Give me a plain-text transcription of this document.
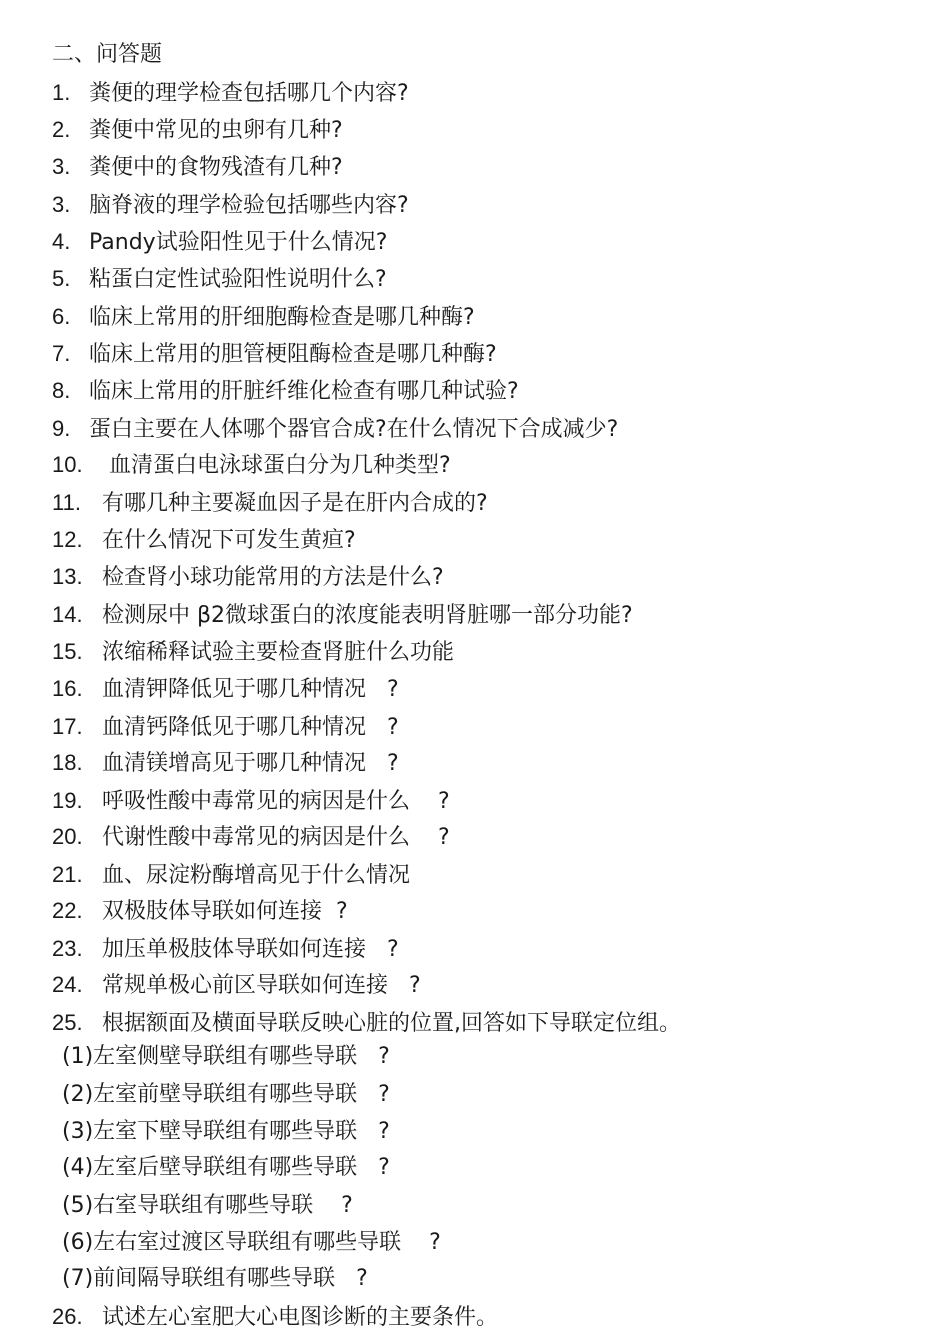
二、问答题
1. 粪便的理学检查包括哪几个内容?
2. 粪便中常见的虫卵有几种?
3. 粪便中的食物残渣有几种?
3. 脑脊液的理学检验包括哪些内容?
4. Pandy试验阳性见于什么情况?
5. 粘蛋白定性试验阳性说明什么?
6. 临床上常用的肝细胞酶检查是哪几种酶?
7. 临床上常用的胆管梗阻酶检查是哪几种酶?
8. 临床上常用的肝脏纤维化检查有哪几种试验?
9. 蛋白主要在人体哪个器官合成?在什么情况下合成减少?
10. 血清蛋白电泳球蛋白分为几种类型?
11. 有哪几种主要凝血因子是在肝内合成的?
12. 在什么情况下可发生黄疸?
13. 检查肾小球功能常用的方法是什么?
14. 检测尿中 β2微球蛋白的浓度能表明肾脏哪一部分功能?
15. 浓缩稀释试验主要检查肾脏什么功能
16. 血清钾降低见于哪几种情况   ?
17. 血清钙降低见于哪几种情况   ?
18. 血清镁增高见于哪几种情况   ?
19. 呼吸性酸中毒常见的病因是什么    ?
20. 代谢性酸中毒常见的病因是什么    ?
21. 血、尿淀粉酶增高见于什么情况
22. 双极肢体导联如何连接  ?
23. 加压单极肢体导联如何连接   ?
24. 常规单极心前区导联如何连接   ?
25. 根据额面及横面导联反映心脏的位置,回答如下导联定位组。
(1)左室侧壁导联组有哪些导联   ?
(2)左室前壁导联组有哪些导联   ?
(3)左室下壁导联组有哪些导联   ?
(4)左室后壁导联组有哪些导联   ?
(5)右室导联组有哪些导联    ?
(6)左右室过渡区导联组有哪些导联    ?
(7)前间隔导联组有哪些导联   ?
26. 试述左心室肥大心电图诊断的主要条件。
